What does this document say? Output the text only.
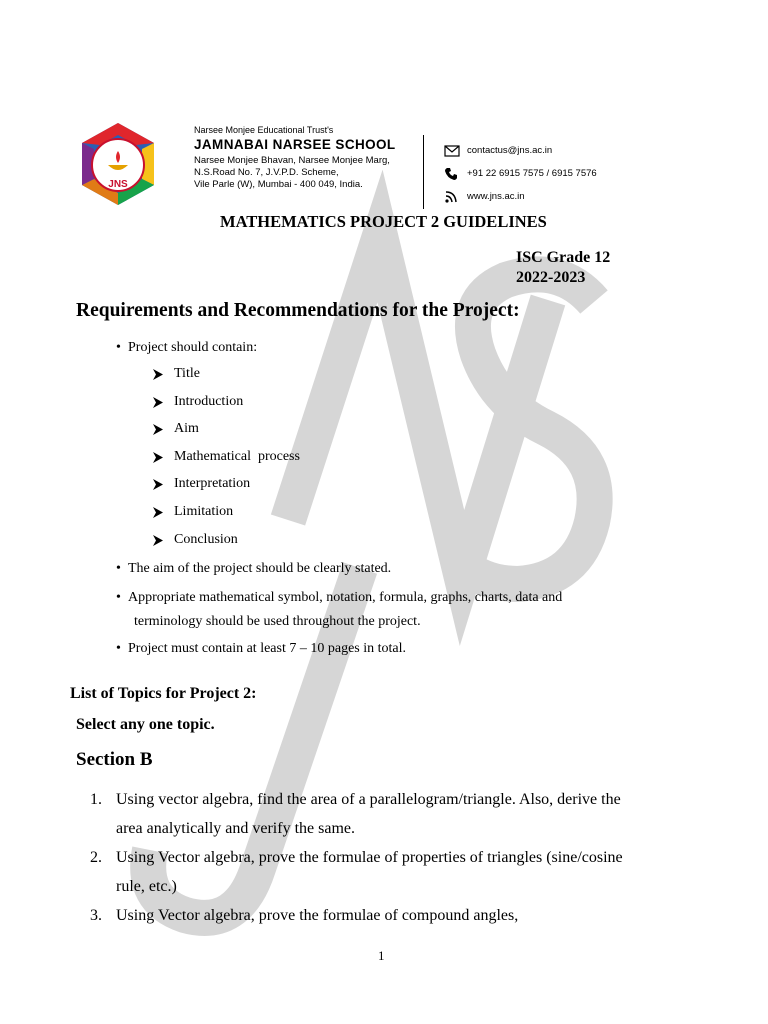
JNS
Narsee Monjee Educational Trust's
JAMNABAI NARSEE SCHOOL
Narsee Monjee Bhavan, Narsee Monjee Marg,
N.S.Road No. 7, J.V.P.D. Scheme,
Vile Parle (W), Mumbai - 400 049, India.
contactus@jns.ac.in
+91 22 6915 7575 / 6915 7576
www.jns.ac.in
MATHEMATICS PROJECT 2 GUIDELINES
ISC Grade 12
2022-2023
Requirements and Recommendations for the Project:
• Project should contain:
Title
Introduction
Aim
Mathematical  process
Interpretation
Limitation
Conclusion
• The aim of the project should be clearly stated.
• Appropriate mathematical symbol, notation, formula, graphs, charts, data and
terminology should be used throughout the project.
• Project must contain at least 7 – 10 pages in total.
List of Topics for Project 2:
Select any one topic.
Section B
1. Using vector algebra, find the area of a parallelogram/triangle. Also, derive the
area analytically and verify the same.
2. Using Vector algebra, prove the formulae of properties of triangles (sine/cosine
rule, etc.)
3. Using Vector algebra, prove the formulae of compound angles,
1
